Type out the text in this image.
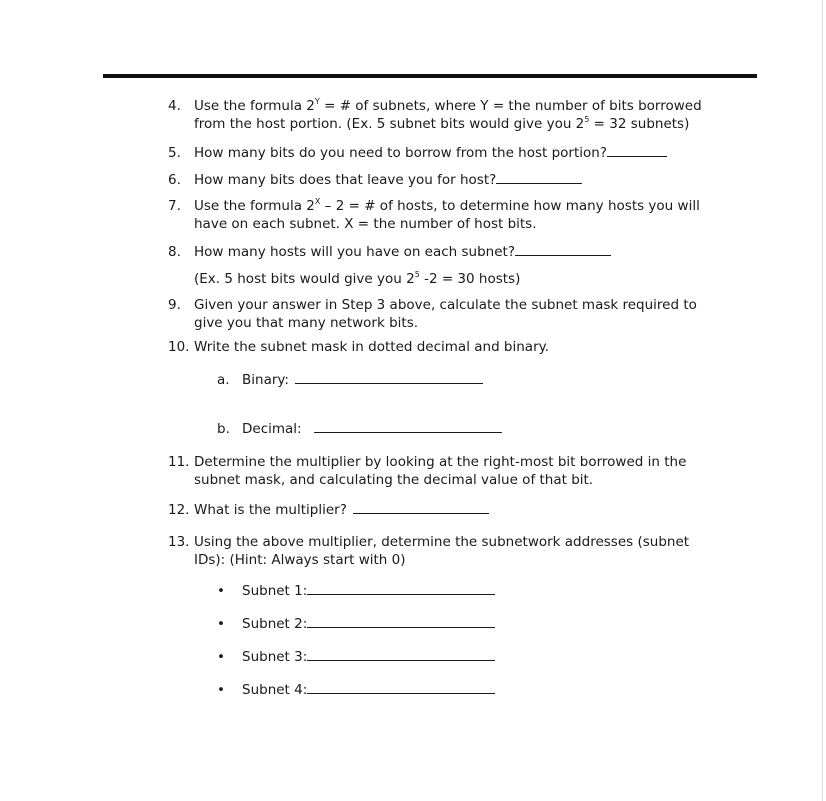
4. Use the formula $2^Y$ = # of subnets, where Y = the number of bits borrowed
from the host portion. (Ex. 5 subnet bits would give you $2^5 = 32$ subnets)
5. How many bits do you need to borrow from the host portion?
6. How many bits does that leave you for host?
7. Use the formula $2^X - 2$ = # of hosts, to determine how many hosts you will
have on each subnet. X = the number of host bits.
8. How many hosts will you have on each subnet?
(Ex. 5 host bits would give you $2^5$ -2 = 30 hosts)
9. Given your answer in Step 3 above, calculate the subnet mask required to
give you that many network bits.
10. Write the subnet mask in dotted decimal and binary.
a. Binary:
b. Decimal:
11. Determine the multiplier by looking at the right-most bit borrowed in the
subnet mask, and calculating the decimal value of that bit.
12. What is the multiplier?
13. Using the above multiplier, determine the subnetwork addresses (subnet
IDs): (Hint: Always start with 0)
• Subnet 1:
• Subnet 2:
• Subnet 3:
• Subnet 4:
